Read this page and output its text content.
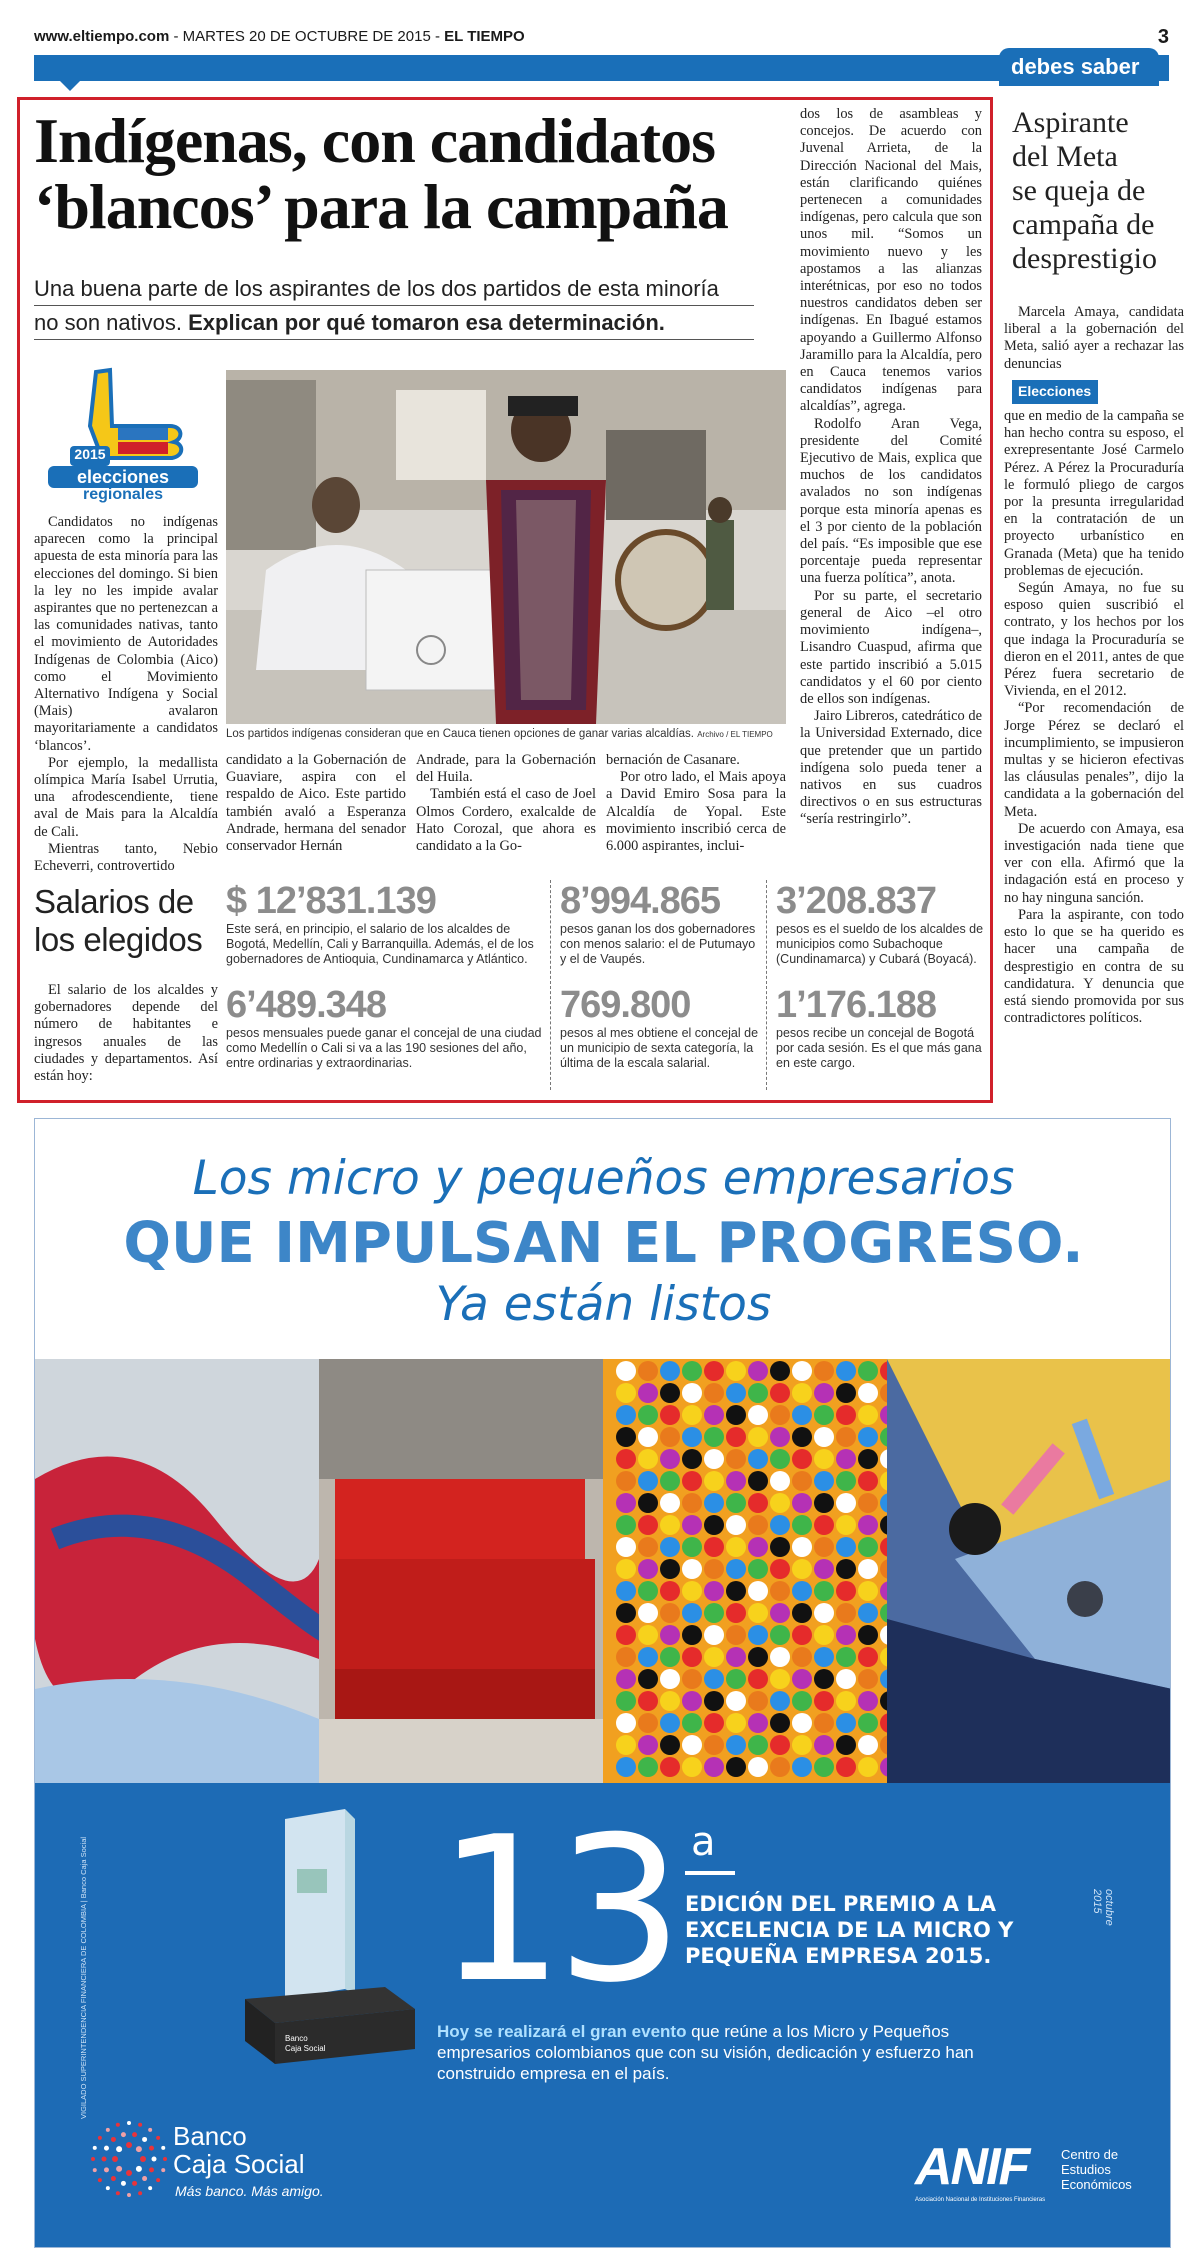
www.eltiempo.com - MARTES 20 DE OCTUBRE DE 2015 - EL TIEMPO	3
debes saber
Indígenas, con candidatos
‘blancos’ para la campaña
Una buena parte de los aspirantes de los dos partidos de esta minoría
no son nativos. Explican por qué tomaron esa determinación.
2015
elecciones
regionales

Candidatos no indígenas aparecen como la principal apuesta de esta minoría para las elecciones del domingo. Si bien la ley no les impide avalar aspirantes que no pertenezcan a las comunidades nativas, tanto el movimiento de Autoridades Indígenas de Colombia (Aico) como el Movimiento Alternativo Indígena y Social (Mais) avalaron mayoritariamente a candidatos ‘blancos’.

Por ejemplo, la medallista olímpica María Isabel Urrutia, una afrodescendiente, tiene aval de Mais para la Alcaldía de Cali.

Mientras tanto, Nebio Echeverri, controvertido

Los partidos indígenas consideran que en Cauca tienen opciones de ganar varias alcaldías. Archivo / EL TIEMPO
candidato a la Gobernación de Guaviare, aspira con el respaldo de Aico. Este partido también avaló a Esperanza Andrade, hermana del senador conservador Hernán
Andrade, para la Gobernación del Huila.

También está el caso de Joel Olmos Cordero, exalcalde de Hato Corozal, que ahora es candidato a la Go-

bernación de Casanare.

Por otro lado, el Mais apoya a David Emiro Sosa para la Alcaldía de Yopal. Este movimiento inscribió cerca de 6.000 aspirantes, inclui-

dos los de asambleas y concejos. De acuerdo con Juvenal Arrieta, de la Dirección Nacional del Mais, están clarificando quiénes pertenecen a comunidades indígenas, pero calcula que son unos mil. “Somos un movimiento nuevo y les apostamos a las alianzas interétnicas, por eso no todos nuestros candidatos deben ser indígenas. En Ibagué estamos apoyando a Guillermo Alfonso Jaramillo para la Alcaldía, pero en Cauca tenemos varios candidatos indígenas para alcaldías”, agrega.

Rodolfo Aran Vega, presidente del Comité Ejecutivo de Mais, explica que muchos de los candidatos avalados no son indígenas porque esta minoría apenas es el 3 por ciento de la población del país. “Es imposible que ese porcentaje pueda representar una fuerza política”, anota.

Por su parte, el secretario general de Aico –el otro movimiento indígena–, Lisandro Cuaspud, afirma que este partido inscribió a 5.015 candidatos y el 60 por ciento de ellos son indígenas.

Jairo Libreros, catedrático de la Universidad Externado, dice que pretender que un partido indígena solo pueda tener a nativos en sus cuadros directivos o en sus estructuras “sería restringirlo”.

Salarios de
los elegidos

El salario de los alcaldes y gobernadores depende del número de habitantes e ingresos anuales de las ciudades y departamentos. Así están hoy:

$ 12’831.139
Este será, en principio, el salario de los alcaldes de Bogotá, Medellín, Cali y Barranquilla. Además, el de los gobernadores de Antioquia, Cundinamarca y Atlántico.
6’489.348
pesos mensuales puede ganar el concejal de una ciudad como Medellín o Cali si va a las 190 sesiones del año, entre ordinarias y extraordinarias.
8’994.865
pesos ganan los dos gobernadores con menos salario: el de Putumayo y el de Vaupés.
769.800
pesos al mes obtiene el concejal de un municipio de sexta categoría, la última de la escala salarial.
3’208.837
pesos es el sueldo de los alcaldes de municipios como Subachoque (Cundinamarca) y Cubará (Boyacá).
1’176.188
pesos recibe un concejal de Bogotá por cada sesión. Es el que más gana en este cargo.
Aspirante
del Meta
se queja de
campaña de
desprestigio

Marcela Amaya, candidata liberal a la gobernación del Meta, salió ayer a rechazar las denuncias

Elecciones
que en medio de la campaña se han hecho contra su esposo, el exrepresentante José Carmelo Pérez. A Pérez la Procuraduría le formuló pliego de cargos por la presunta irregularidad en la contratación de un proyecto urbanístico en Granada (Meta) que ha tenido problemas de ejecución.

Según Amaya, no fue su esposo quien suscribió el contrato, y los hechos por los que indaga la Procuraduría se dieron en el 2011, antes de que Pérez fuera secretario de Vivienda, en el 2012.

“Por recomendación de Jorge Pérez se declaró el incumplimiento, se impusieron multas y se hicieron efectivas las cláusulas penales”, dijo la candidata a la gobernación del Meta.

De acuerdo con Amaya, esa investigación nada tiene que ver con ella. Afirmó que la indagación está en proceso y no hay ninguna sanción.

Para la aspirante, con todo esto lo que se ha querido es hacer una campaña de desprestigio en contra de su candidatura. Y denuncia que está siendo promovida por sus contradictores políticos.

Los micro y pequeños empresarios
QUE IMPULSAN EL PROGRESO.
Ya están listos
Banco
Caja Social
13 a
EDICIÓN DEL PREMIO A LA EXCELENCIA DE LA MICRO Y PEQUEÑA EMPRESA 2015.
Hoy se realizará el gran evento que reúne a los Micro y Pequeños empresarios colombianos que con su visión, dedicación y esfuerzo han construido empresa en el país.
Banco
Caja Social
Más banco. Más amigo.	ANIF
Asociación Nacional de Instituciones Financieras
Centro de Estudios Económicos
octubre 2015
VIGILADO SUPERINTENDENCIA FINANCIERA DE COLOMBIA | Banco Caja Social
